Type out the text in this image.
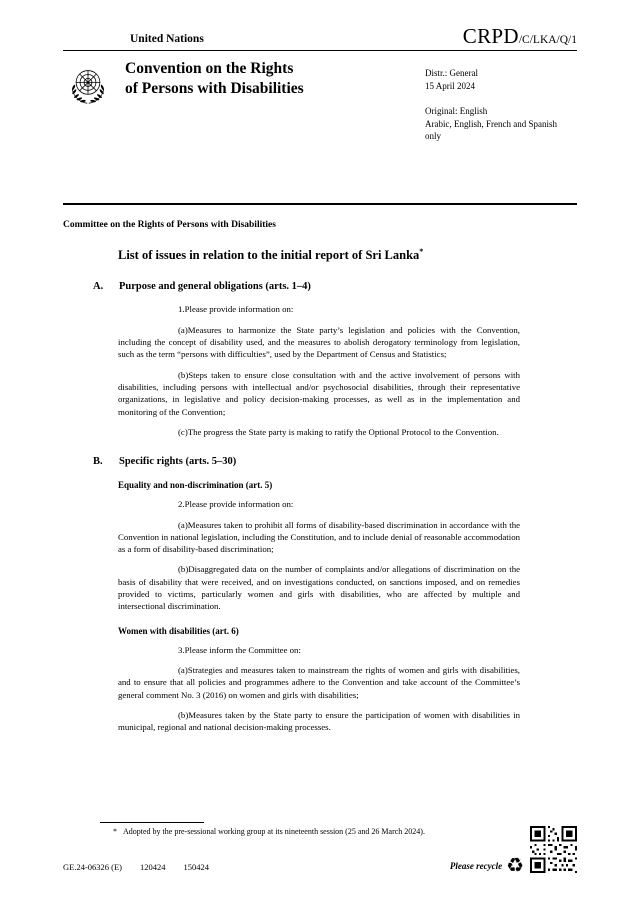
United Nations	CRPD/C/LKA/Q/1
Convention on the Rights
of Persons with Disabilities
Distr.: General
15 April 2024
Original: English
Arabic, English, French and Spanish only

Committee on the Rights of Persons with Disabilities

List of issues in relation to the initial report of Sri Lanka*
A.	Purpose and general obligations (arts. 1–4)

1.Please provide information on:

(a)Measures to harmonize the State party’s legislation and policies with the Convention, including the concept of disability used, and the measures to abolish derogatory terminology from legislation, such as the term “persons with difficulties”, used by the Department of Census and Statistics;

(b)Steps taken to ensure close consultation with and the active involvement of persons with disabilities, including persons with intellectual and/or psychosocial disabilities, through their representative organizations, in legislative and policy decision-making processes, as well as in the implementation and monitoring of the Convention;

(c)The progress the State party is making to ratify the Optional Protocol to the Convention.

B.	Specific rights (arts. 5–30)
Equality and non-discrimination (art. 5)

2.Please provide information on:

(a)Measures taken to prohibit all forms of disability-based discrimination in accordance with the Convention in national legislation, including the Constitution, and to include denial of reasonable accommodation as a form of disability-based discrimination;

(b)Disaggregated data on the number of complaints and/or allegations of discrimination on the basis of disability that were received, and on investigations conducted, on sanctions imposed, and on remedies provided to victims, particularly women and girls with disabilities, who are affected by multiple and intersectional discrimination.

Women with disabilities (art. 6)

3.Please inform the Committee on:

(a)Strategies and measures taken to mainstream the rights of women and girls with disabilities, and to ensure that all policies and programmes adhere to the Convention and take account of the Committee’s general comment No. 3 (2016) on women and girls with disabilities;

(b)Measures taken by the State party to ensure the participation of women with disabilities in municipal, regional and national decision-making processes.

* Adopted by the pre-sessional working group at its nineteenth session (25 and 26 March 2024).

GE.24-06326 (E) 120424 150424	Please recycle ♻
